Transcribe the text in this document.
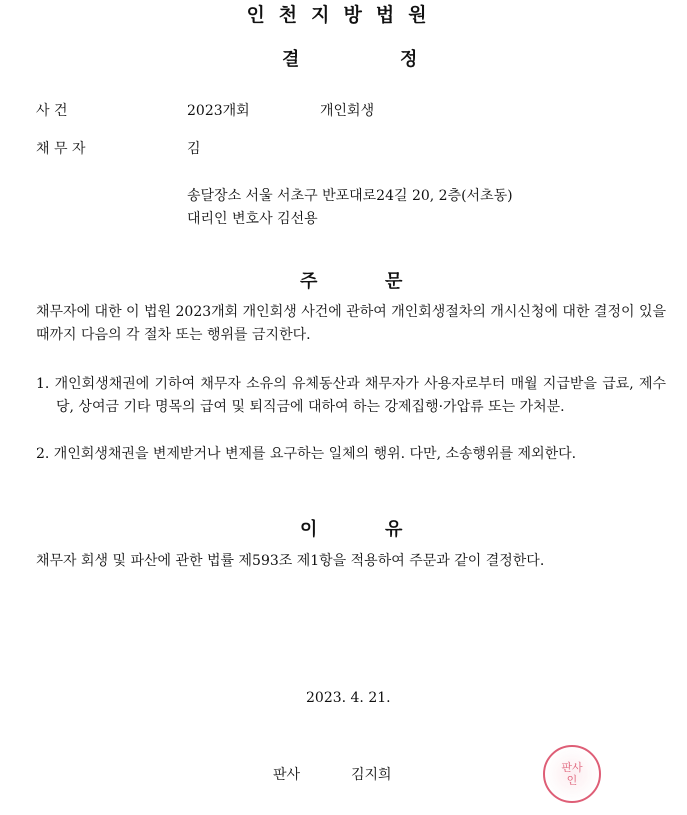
인천지방법원
결	정
사 건	2023개회	개인회생
채 무 자	김
송달장소 서울 서초구 반포대로24길 20, 2층(서초동)
대리인 변호사 김선용
주	문
채무자에 대한 이 법원 2023개회 개인회생 사건에 관하여 개인회생절차의 개시신청에 대한 결정이 있을 때까지 다음의 각 절차 또는 행위를 금지한다.
1. 개인회생채권에 기하여 채무자 소유의 유체동산과 채무자가 사용자로부터 매월 지급받을 급료, 제수당, 상여금 기타 명목의 급여 및 퇴직금에 대하여 하는 강제집행·가압류 또는 가처분.
2. 개인회생채권을 변제받거나 변제를 요구하는 일체의 행위. 다만, 소송행위를 제외한다.
이	유
채무자 회생 및 파산에 관한 법률 제593조 제1항을 적용하여 주문과 같이 결정한다.
2023. 4. 21.
판사	김지희	판사
인
